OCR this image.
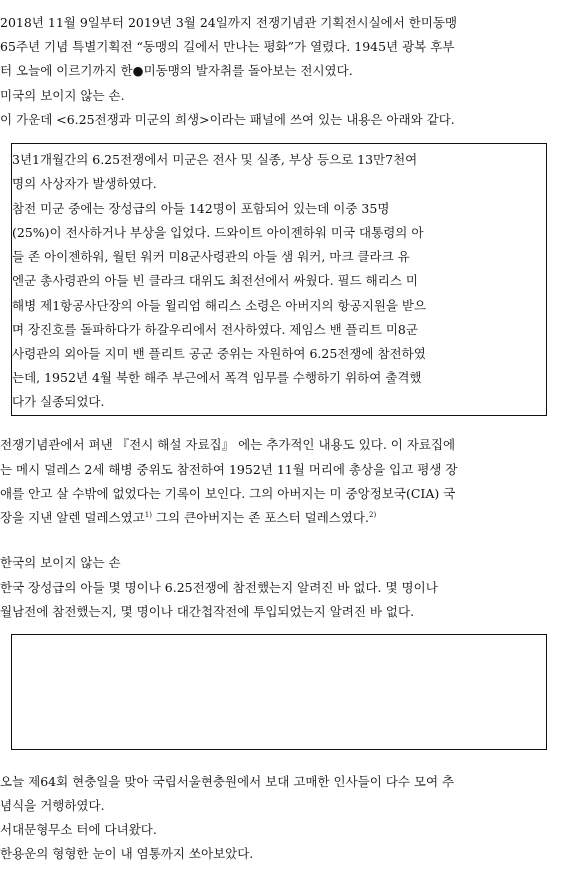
2018년 11월 9일부터 2019년 3월 24일까지 전쟁기념관 기획전시실에서 한미동맹
65주년 기념 특별기획전 “동맹의 길에서 만나는 평화”가 열렸다. 1945년 광복 후부
터 오늘에 이르기까지 한●미동맹의 발자취를 돌아보는 전시였다.
미국의 보이지 않는 손.
이 가운데 <6.25전쟁과 미군의 희생>이라는 패널에 쓰여 있는 내용은 아래와 같다.
3년1개월간의 6.25전쟁에서 미군은 전사 및 실종, 부상 등으로 13만7천여
명의 사상자가 발생하였다.
참전 미군 중에는 장성급의 아들 142명이 포함되어 있는데 이중 35명
(25%)이 전사하거나 부상을 입었다. 드와이트 아이젠하워 미국 대통령의 아
들 존 아이젠하워, 월턴 워커 미8군사령관의 아들 샘 워커, 마크 클라크 유
엔군 총사령관의 아들 빈 클라크 대위도 최전선에서 싸웠다. 필드 해리스 미
해병 제1항공사단장의 아들 윌리엄 해리스 소령은 아버지의 항공지원을 받으
며 장진호를 돌파하다가 하갈우리에서 전사하였다. 제임스 밴 플리트 미8군
사령관의 외아들 지미 밴 플리트 공군 중위는 자원하여 6.25전쟁에 참전하였
는데, 1952년 4월 북한 해주 부근에서 폭격 임무를 수행하기 위하여 출격했
다가 실종되었다.
전쟁기념관에서 펴낸 『전시 해설 자료집』 에는 추가적인 내용도 있다. 이 자료집에
는 메시 덜레스 2세 해병 중위도 참전하여 1952년 11월 머리에 총상을 입고 평생 장
애를 안고 살 수밖에 없었다는 기록이 보인다. 그의 아버지는 미 중앙정보국(CIA) 국
장을 지낸 알렌 덜레스였고$^{1)}$ 그의 큰아버지는 존 포스터 덜레스였다.$^{2)}$
한국의 보이지 않는 손
한국 장성급의 아들 몇 명이나 6.25전쟁에 참전했는지 알려진 바 없다. 몇 명이나
월남전에 참전했는지, 몇 명이나 대간첩작전에 투입되었는지 알려진 바 없다.
오늘 제64회 현충일을 맞아 국립서울현충원에서 보대 고매한 인사들이 다수 모여 추
념식을 거행하였다.
서대문형무소 터에 다녀왔다.
한용운의 형형한 눈이 내 염통까지 쏘아보았다.
